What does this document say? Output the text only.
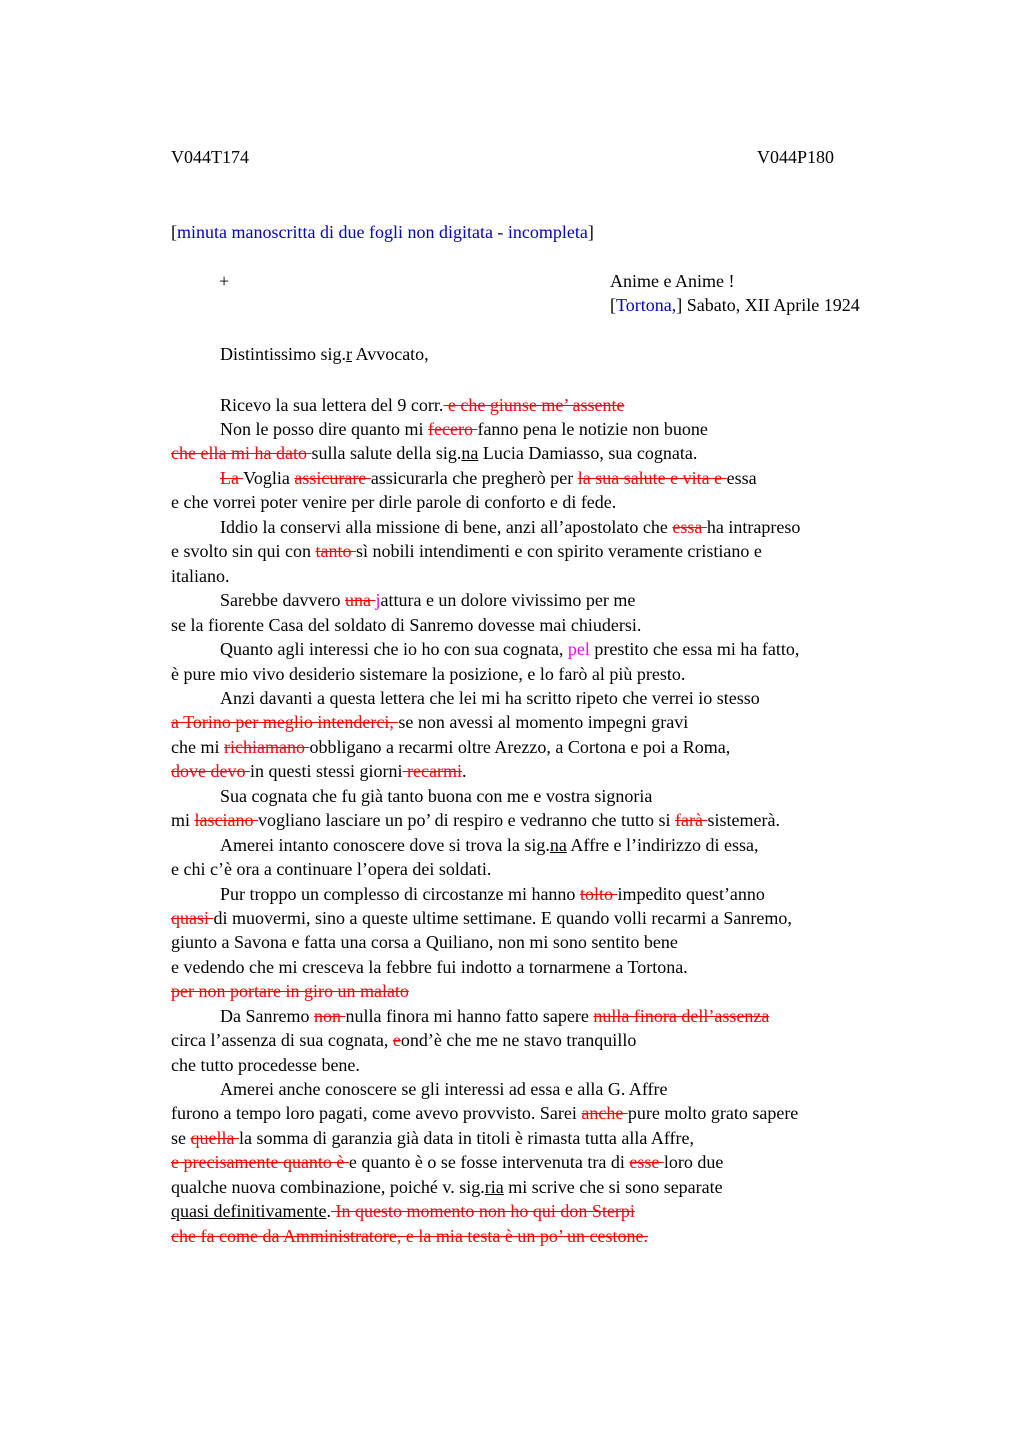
V044T174	V044P180
[minuta manoscritta di due fogli non digitata - incompleta]
+	Anime e Anime !
[Tortona,] Sabato, XII Aprile 1924
Distintissimo sig.r Avvocato,
Ricevo la sua lettera del 9 corr. e che giunse me’ assente
Non le posso dire quanto mi fecero fanno pena le notizie non buone
che ella mi ha dato sulla salute della sig.na Lucia Damiasso, sua cognata.
La Voglia assicurare assicurarla che pregherò per la sua salute e vita e essa
e che vorrei poter venire per dirle parole di conforto e di fede.
Iddio la conservi alla missione di bene, anzi all’apostolato che essa ha intrapreso
e svolto sin qui con tanto sì nobili intendimenti e con spirito veramente cristiano e
italiano.
Sarebbe davvero una jattura e un dolore vivissimo per me
se la fiorente Casa del soldato di Sanremo dovesse mai chiudersi.
Quanto agli interessi che io ho con sua cognata, pel prestito che essa mi ha fatto,
è pure mio vivo desiderio sistemare la posizione, e lo farò al più presto.
Anzi davanti a questa lettera che lei mi ha scritto ripeto che verrei io stesso
a Torino per meglio intenderci, se non avessi al momento impegni gravi
che mi richiamano obbligano a recarmi oltre Arezzo, a Cortona e poi a Roma,
dove devo in questi stessi giorni recarmi.
Sua cognata che fu già tanto buona con me e vostra signoria
mi lasciano vogliano lasciare un po’ di respiro e vedranno che tutto si farà sistemerà.
Amerei intanto conoscere dove si trova la sig.na Affre e l’indirizzo di essa,
e chi c’è ora a continuare l’opera dei soldati.
Pur troppo un complesso di circostanze mi hanno tolto impedito quest’anno
quasi di muovermi, sino a queste ultime settimane. E quando volli recarmi a Sanremo,
giunto a Savona e fatta una corsa a Quiliano, non mi sono sentito bene
e vedendo che mi cresceva la febbre fui indotto a tornarmene a Tortona.
per non portare in giro un malato
Da Sanremo non nulla finora mi hanno fatto sapere nulla finora dell’assenza
circa l’assenza di sua cognata, eond’è che me ne stavo tranquillo
che tutto procedesse bene.
Amerei anche conoscere se gli interessi ad essa e alla G. Affre
furono a tempo loro pagati, come avevo provvisto. Sarei anche pure molto grato sapere
se quella la somma di garanzia già data in titoli è rimasta tutta alla Affre,
e precisamente quanto è e quanto è o se fosse intervenuta tra di esse loro due
qualche nuova combinazione, poiché v. sig.ria mi scrive che si sono separate
quasi definitivamente. In questo momento non ho qui don Sterpi
che fa come da Amministratore, e la mia testa è un po’ un cestone.
